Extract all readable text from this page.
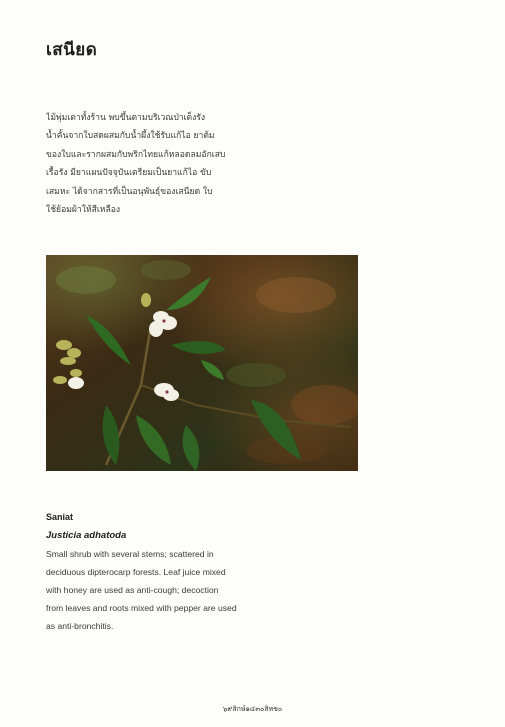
เสนียด
ไม้พุ่มเตาทั้งร้าน พบขึ้นตามบริเวณป่าเต็งรัง
น้ำคั้นจากใบสดผสมกับน้ำผึ้งใช้รับแก้ไอ ยาต้ม
ของใบและรากผสมกับพริกไทยแก้หลอดลมอักเสบ
เรื้อรัง มียาแผนปัจจุบันเตรียมเป็นยาแก้ไอ ขับ
เสมหะ ได้จากสารที่เป็นอนุพันธุ์ของเสนียด ใบ
ใช้ย้อมผ้าให้สีเหลือง
Saniat
Justicia adhatoda
Small shrub with several stems; scattered in
deciduous dipterocarp forests. Leaf juice mixed
with honey are used as anti-cough; decoction
from leaves and roots mixed with pepper are used
as anti-bronchitis.
๖๙สิกษ์๑๔๓๐สิหช๐
